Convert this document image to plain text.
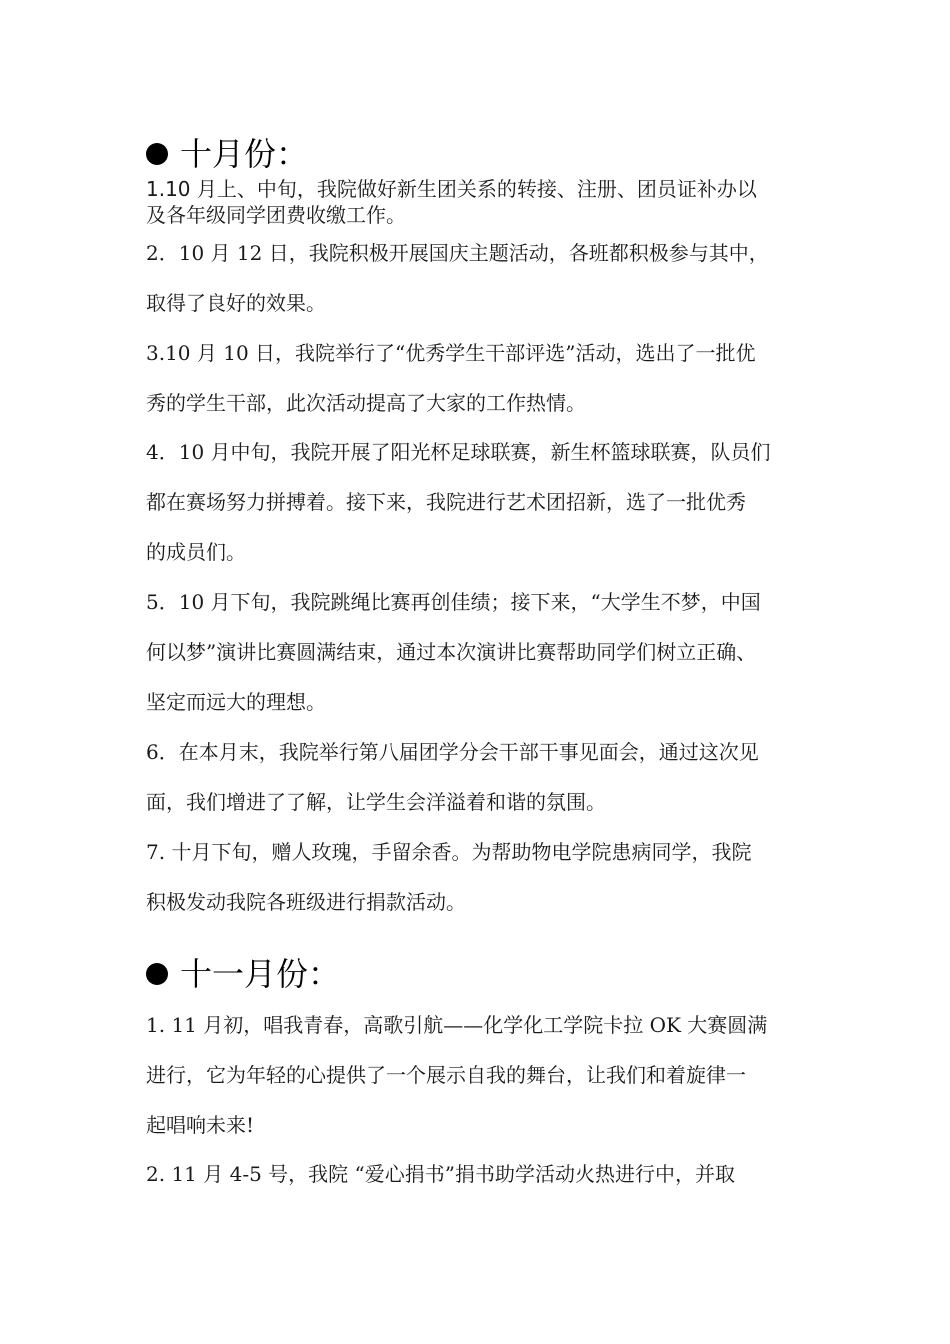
十月份：

1.10 月上、中旬，我院做好新生团关系的转接、注册、团员证补办以
及各年级同学团费收缴工作。

2．10 月 12 日，我院积极开展国庆主题活动，各班都积极参与其中，
取得了良好的效果。

3.10 月 10 日，我院举行了“优秀学生干部评选”活动，选出了一批优
秀的学生干部，此次活动提高了大家的工作热情。

4．10 月中旬，我院开展了阳光杯足球联赛，新生杯篮球联赛，队员们
都在赛场努力拼搏着。接下来，我院进行艺术团招新，选了一批优秀
的成员们。

5．10 月下旬，我院跳绳比赛再创佳绩；接下来，“大学生不梦，中国
何以梦”演讲比赛圆满结束，通过本次演讲比赛帮助同学们树立正确、
坚定而远大的理想。

6．在本月末，我院举行第八届团学分会干部干事见面会，通过这次见
面，我们增进了了解，让学生会洋溢着和谐的氛围。

7. 十月下旬，赠人玫瑰，手留余香。为帮助物电学院患病同学，我院
积极发动我院各班级进行捐款活动。

十一月份：

1. 11 月初，唱我青春，高歌引航——化学化工学院卡拉 OK 大赛圆满
进行，它为年轻的心提供了一个展示自我的舞台，让我们和着旋律一
起唱响未来!

2. 11 月 4-5 号，我院 “爱心捐书”捐书助学活动火热进行中，并取
